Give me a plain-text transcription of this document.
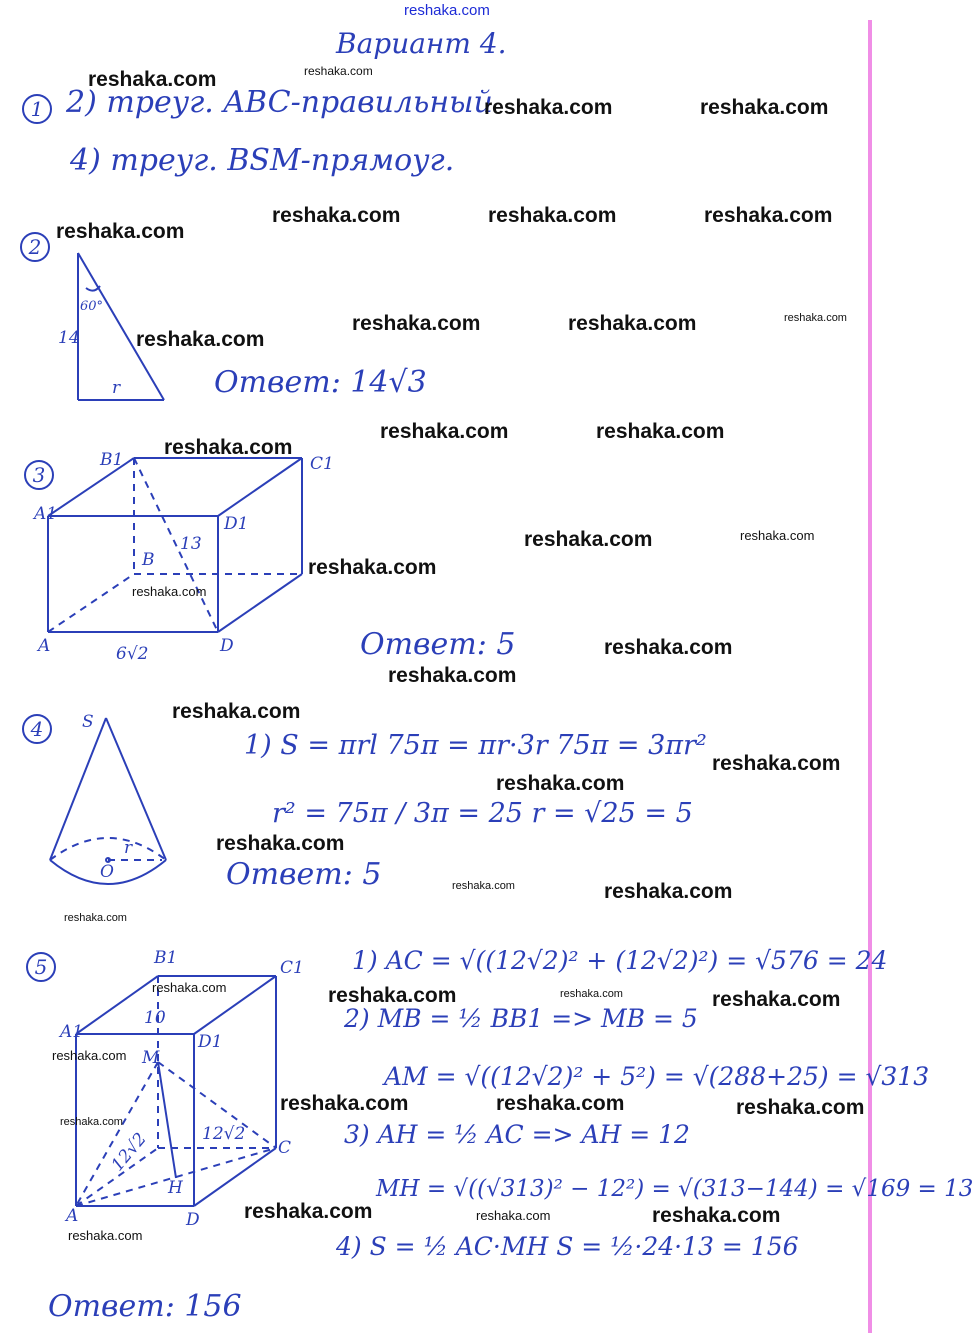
reshaka.com
Вариант 4.
1 2) треуг. ABC-правильный
4) треуг. BSM-прямоуг.
2
14
60°
r	Ответ: 14√3
3
B1	C1
A1	D1
B
A	D
13
6√2	Ответ: 5
4	S
r
O
1) S = πrl 75π = πr·3r 75π = 3πr²
r² = 75π / 3π = 25 r = √25 = 5
Ответ: 5
5	B1	C1
A1	D1
M
A	D
C
H
10
12√2
12√2
1) AC = √((12√2)² + (12√2)²) = √576 = 24
2) MB = ½ BB1 => MB = 5
AM = √((12√2)² + 5²) = √(288+25) = √313
3) AH = ½ AC => AH = 12
MH = √((√313)² − 12²) = √(313−144) = √169 = 13
4) S = ½ AC·MH S = ½·24·13 = 156
Ответ: 156
reshaka.com	reshaka.com
reshaka.com	reshaka.com
reshaka.com	reshaka.com	reshaka.com
reshaka.com
reshaka.com	reshaka.com	reshaka.com
reshaka.com
reshaka.com	reshaka.com
reshaka.com
reshaka.com	reshaka.com
reshaka.com
reshaka.com
reshaka.com
reshaka.com
reshaka.com
reshaka.com
reshaka.com
reshaka.com
reshaka.com	reshaka.com
reshaka.com
reshaka.com	reshaka.com	reshaka.com	reshaka.com
reshaka.com
reshaka.com	reshaka.com	reshaka.com
reshaka.com
reshaka.com	reshaka.com	reshaka.com
reshaka.com
